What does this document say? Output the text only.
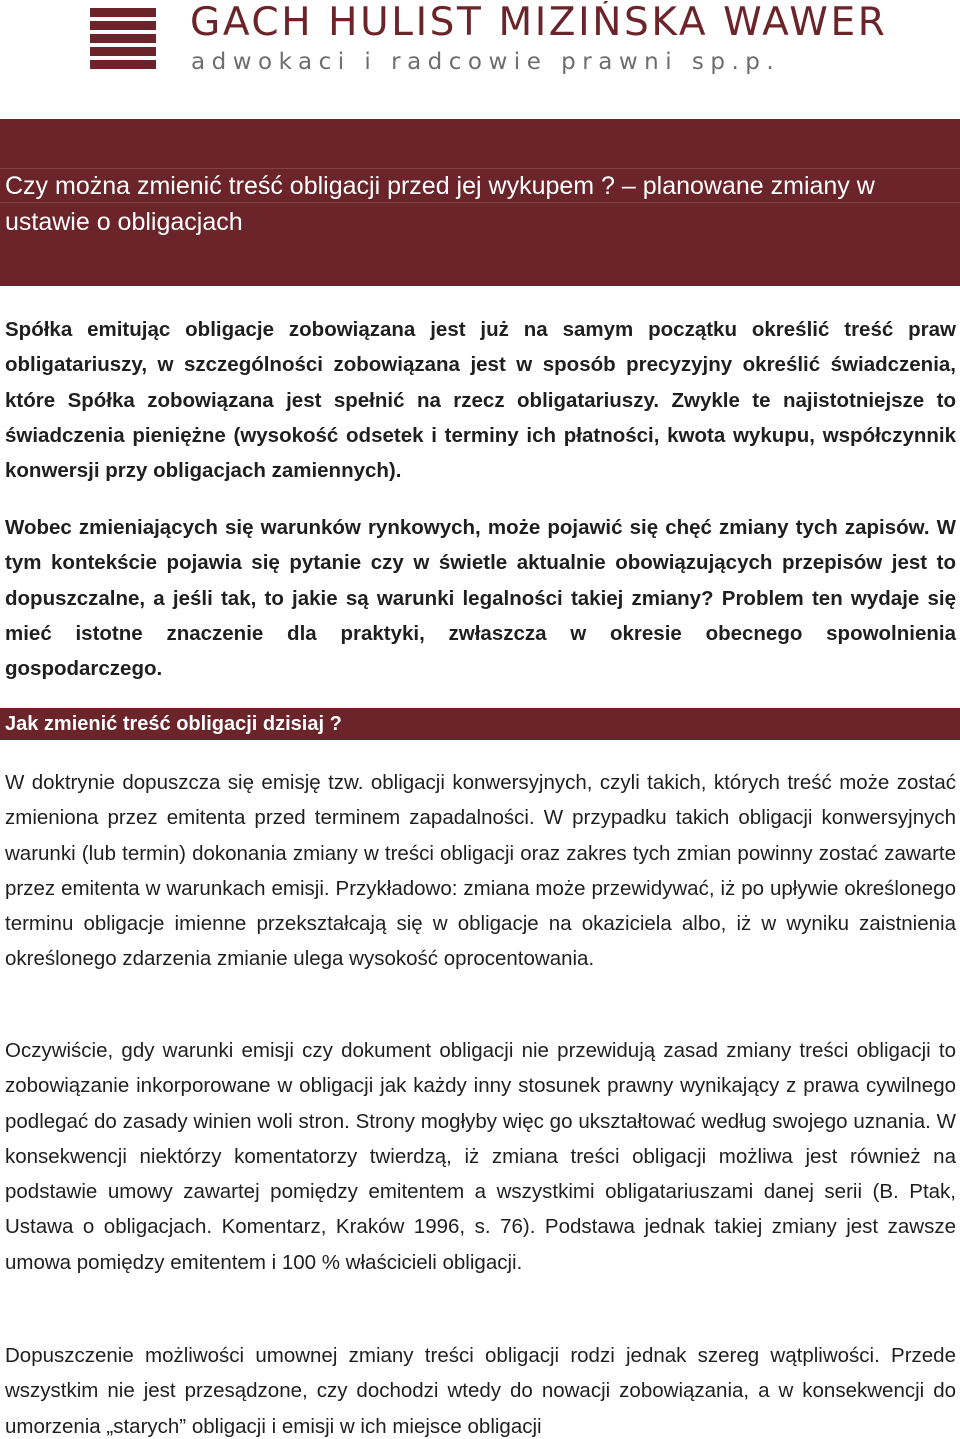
GACH HULIST MIZIŃSKA WAWER
adwokaci i radcowie prawni sp.p.
Czy można zmienić treść obligacji przed jej wykupem ? – planowane zmiany w ustawie o obligacjach

Spółka emitując obligacje zobowiązana jest już na samym początku określić treść praw obligatariuszy, w szczególności zobowiązana jest w sposób precyzyjny określić świadczenia, które Spółka zobowiązana jest spełnić na rzecz obligatariuszy. Zwykle te najistotniejsze to świadczenia pieniężne (wysokość odsetek i terminy ich płatności, kwota wykupu, współczynnik konwersji przy obligacjach zamiennych).

Wobec zmieniających się warunków rynkowych, może pojawić się chęć zmiany tych zapisów. W tym kontekście pojawia się pytanie czy w świetle aktualnie obowiązujących przepisów jest to dopuszczalne, a jeśli tak, to jakie są warunki legalności takiej zmiany? Problem ten wydaje się mieć istotne znaczenie dla praktyki, zwłaszcza w okresie obecnego spowolnienia gospodarczego.

Jak zmienić treść obligacji dzisiaj ?

W doktrynie dopuszcza się emisję tzw. obligacji konwersyjnych, czyli takich, których treść może zostać zmieniona przez emitenta przed terminem zapadalności. W przypadku takich obligacji konwersyjnych warunki (lub termin) dokonania zmiany w treści obligacji oraz zakres tych zmian powinny zostać zawarte przez emitenta w warunkach emisji. Przykładowo: zmiana może przewidywać, iż po upływie określonego terminu obligacje imienne przekształcają się w obligacje na okaziciela albo, iż w wyniku zaistnienia określonego zdarzenia zmianie ulega wysokość oprocentowania.

Oczywiście, gdy warunki emisji czy dokument obligacji nie przewidują zasad zmiany treści obligacji to zobowiązanie inkorporowane w obligacji jak każdy inny stosunek prawny wynikający z prawa cywilnego podlegać do zasady winien woli stron. Strony mogłyby więc go ukształtować według swojego uznania. W konsekwencji niektórzy komentatorzy twierdzą, iż zmiana treści obligacji możliwa jest również na podstawie umowy zawartej pomiędzy emitentem a wszystkimi obligatariuszami danej serii (B. Ptak, Ustawa o obligacjach. Komentarz, Kraków 1996, s. 76). Podstawa jednak takiej zmiany jest zawsze umowa pomiędzy emitentem i 100 % właścicieli obligacji.

Dopuszczenie możliwości umownej zmiany treści obligacji rodzi jednak szereg wątpliwości. Przede wszystkim nie jest przesądzone, czy dochodzi wtedy do nowacji zobowiązania, a w konsekwencji do umorzenia „starych” obligacji i emisji w ich miejsce obligacji
